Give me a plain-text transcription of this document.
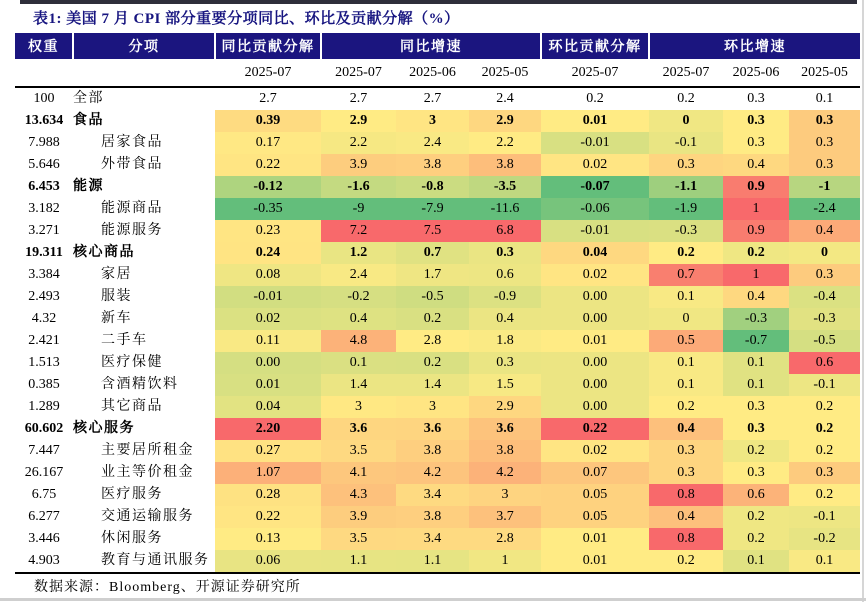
表1: 美国 7 月 CPI 部分重要分项同比、环比及贡献分解（%）
权重	分项	同比贡献分解	同比增速			环比贡献分解	环比增速		
		2025-07	2025-07	2025-06	2025-05	2025-07	2025-07	2025-06	2025-05
100	全部	2.7	2.7	2.7	2.4	0.2	0.2	0.3	0.1
13.634	食品	0.39	2.9	3	2.9	0.01	0	0.3	0.3
7.988	居家食品	0.17	2.2	2.4	2.2	-0.01	-0.1	0.3	0.3
5.646	外带食品	0.22	3.9	3.8	3.8	0.02	0.3	0.4	0.3
6.453	能源	-0.12	-1.6	-0.8	-3.5	-0.07	-1.1	0.9	-1
3.182	能源商品	-0.35	-9	-7.9	-11.6	-0.06	-1.9	1	-2.4
3.271	能源服务	0.23	7.2	7.5	6.8	-0.01	-0.3	0.9	0.4
19.311	核心商品	0.24	1.2	0.7	0.3	0.04	0.2	0.2	0
3.384	家居	0.08	2.4	1.7	0.6	0.02	0.7	1	0.3
2.493	服装	-0.01	-0.2	-0.5	-0.9	0.00	0.1	0.4	-0.4
4.32	新车	0.02	0.4	0.2	0.4	0.00	0	-0.3	-0.3
2.421	二手车	0.11	4.8	2.8	1.8	0.01	0.5	-0.7	-0.5
1.513	医疗保健	0.00	0.1	0.2	0.3	0.00	0.1	0.1	0.6
0.385	含酒精饮料	0.01	1.4	1.4	1.5	0.00	0.1	0.1	-0.1
1.289	其它商品	0.04	3	3	2.9	0.00	0.2	0.3	0.2
60.602	核心服务	2.20	3.6	3.6	3.6	0.22	0.4	0.3	0.2
7.447	主要居所租金	0.27	3.5	3.8	3.8	0.02	0.3	0.2	0.2
26.167	业主等价租金	1.07	4.1	4.2	4.2	0.07	0.3	0.3	0.3
6.75	医疗服务	0.28	4.3	3.4	3	0.05	0.8	0.6	0.2
6.277	交通运输服务	0.22	3.9	3.8	3.7	0.05	0.4	0.2	-0.1
3.446	休闲服务	0.13	3.5	3.4	2.8	0.01	0.8	0.2	-0.2
4.903	教育与通讯服务	0.06	1.1	1.1	1	0.01	0.2	0.1	0.1
数据来源：Bloomberg、开源证券研究所
